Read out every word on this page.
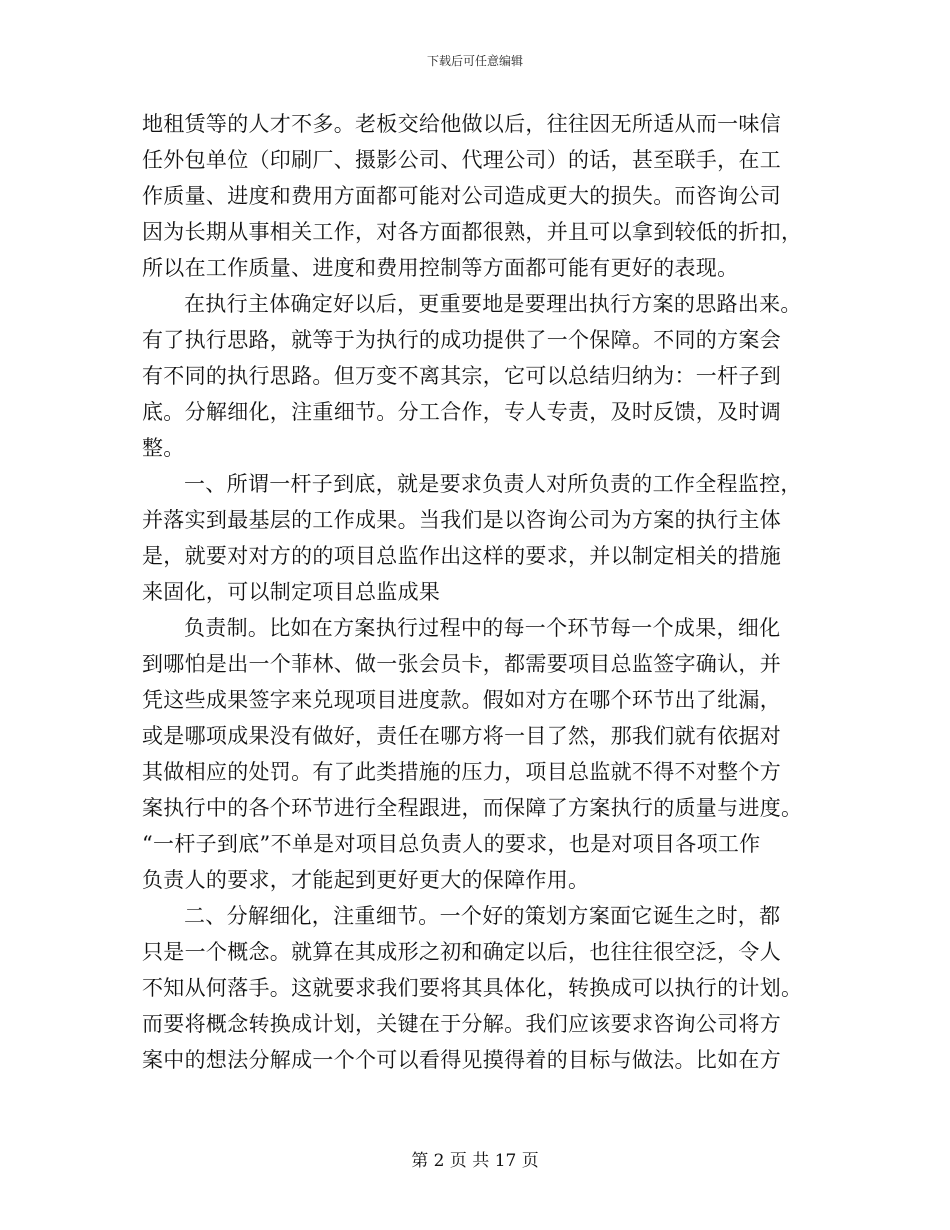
下载后可任意编辑
地租赁等的人才不多。老板交给他做以后，往往因无所适从而一味信
任外包单位（印刷厂、摄影公司、代理公司）的话，甚至联手，在工
作质量、进度和费用方面都可能对公司造成更大的损失。而咨询公司
因为长期从事相关工作，对各方面都很熟，并且可以拿到较低的折扣，
所以在工作质量、进度和费用控制等方面都可能有更好的表现。
在执行主体确定好以后，更重要地是要理出执行方案的思路出来。
有了执行思路，就等于为执行的成功提供了一个保障。不同的方案会
有不同的执行思路。但万变不离其宗，它可以总结归纳为：一杆子到
底。分解细化，注重细节。分工合作，专人专责，及时反馈，及时调
整。
一、所谓一杆子到底，就是要求负责人对所负责的工作全程监控，
并落实到最基层的工作成果。当我们是以咨询公司为方案的执行主体
是，就要对对方的的项目总监作出这样的要求，并以制定相关的措施
来固化，可以制定项目总监成果
负责制。比如在方案执行过程中的每一个环节每一个成果，细化
到哪怕是出一个菲林、做一张会员卡，都需要项目总监签字确认，并
凭这些成果签字来兑现项目进度款。假如对方在哪个环节出了纰漏，
或是哪项成果没有做好，责任在哪方将一目了然，那我们就有依据对
其做相应的处罚。有了此类措施的压力，项目总监就不得不对整个方
案执行中的各个环节进行全程跟进，而保障了方案执行的质量与进度。
“一杆子到底”不单是对项目总负责人的要求，也是对项目各项工作
负责人的要求，才能起到更好更大的保障作用。
二、分解细化，注重细节。一个好的策划方案面它诞生之时，都
只是一个概念。就算在其成形之初和确定以后，也往往很空泛，令人
不知从何落手。这就要求我们要将其具体化，转换成可以执行的计划。
而要将概念转换成计划，关键在于分解。我们应该要求咨询公司将方
案中的想法分解成一个个可以看得见摸得着的目标与做法。比如在方
第 2 页 共 17 页
